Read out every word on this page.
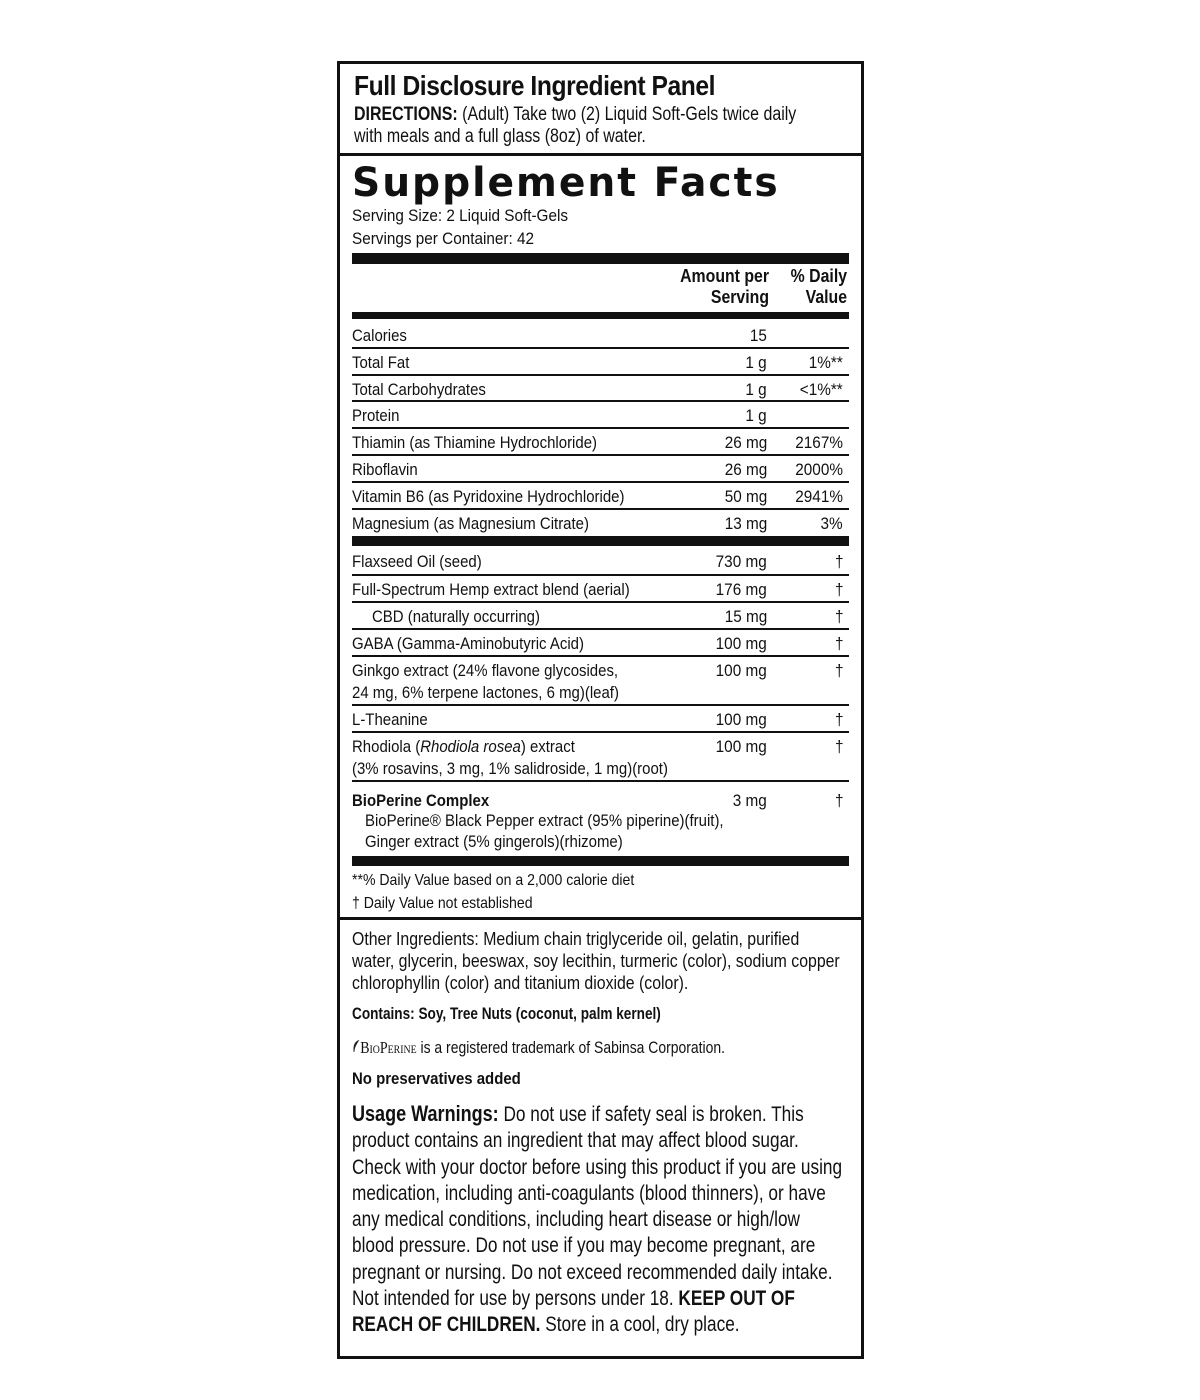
Full Disclosure Ingredient Panel
DIRECTIONS: (Adult) Take two (2) Liquid Soft-Gels twice daily with meals and a full glass (8oz) of water.
Supplement Facts
Serving Size: 2 Liquid Soft-Gels
Servings per Container: 42
Amount per
Serving
% Daily
Value
Calories	15
Total Fat	1 g 1%**
Total Carbohydrates	1 g <1%**
Protein	1 g
Thiamin (as Thiamine Hydrochloride)	26 mg 2167%
Riboflavin	26 mg 2000%
Vitamin B6 (as Pyridoxine Hydrochloride)	50 mg 2941%
Magnesium (as Magnesium Citrate)	13 mg	3%
Flaxseed Oil (seed)	730 mg	†
Full-Spectrum Hemp extract blend (aerial)	176 mg	†
CBD (naturally occurring)	15 mg	†
GABA (Gamma-Aminobutyric Acid)	100 mg	†
Ginkgo extract (24% flavone glycosides,
24 mg, 6% terpene lactones, 6 mg)(leaf)
100 mg	†
L-Theanine	100 mg	†
Rhodiola (Rhodiola rosea) extract
(3% rosavins, 3 mg, 1% salidroside, 1 mg)(root)
100 mg	†
BioPerine Complex
BioPerine® Black Pepper extract (95% piperine)(fruit),
Ginger extract (5% gingerols)(rhizome)
3 mg	†
**% Daily Value based on a 2,000 calorie diet
† Daily Value not established
Other Ingredients: Medium chain triglyceride oil, gelatin, purified water, glycerin, beeswax, soy lecithin, turmeric (color), sodium copper chlorophyllin (color) and titanium dioxide (color).
Contains: Soy, Tree Nuts (coconut, palm kernel)
BioPerine is a registered trademark of Sabinsa Corporation.
No preservatives added
Usage Warnings: Do not use if safety seal is broken. This product contains an ingredient that may affect blood sugar. Check with your doctor before using this product if you are using medication, including anti-coagulants (blood thinners), or have any medical conditions, including heart disease or high/low blood pressure. Do not use if you may become pregnant, are pregnant or nursing. Do not exceed recommended daily intake. Not intended for use by persons under 18. KEEP OUT OF REACH OF CHILDREN. Store in a cool, dry place.
